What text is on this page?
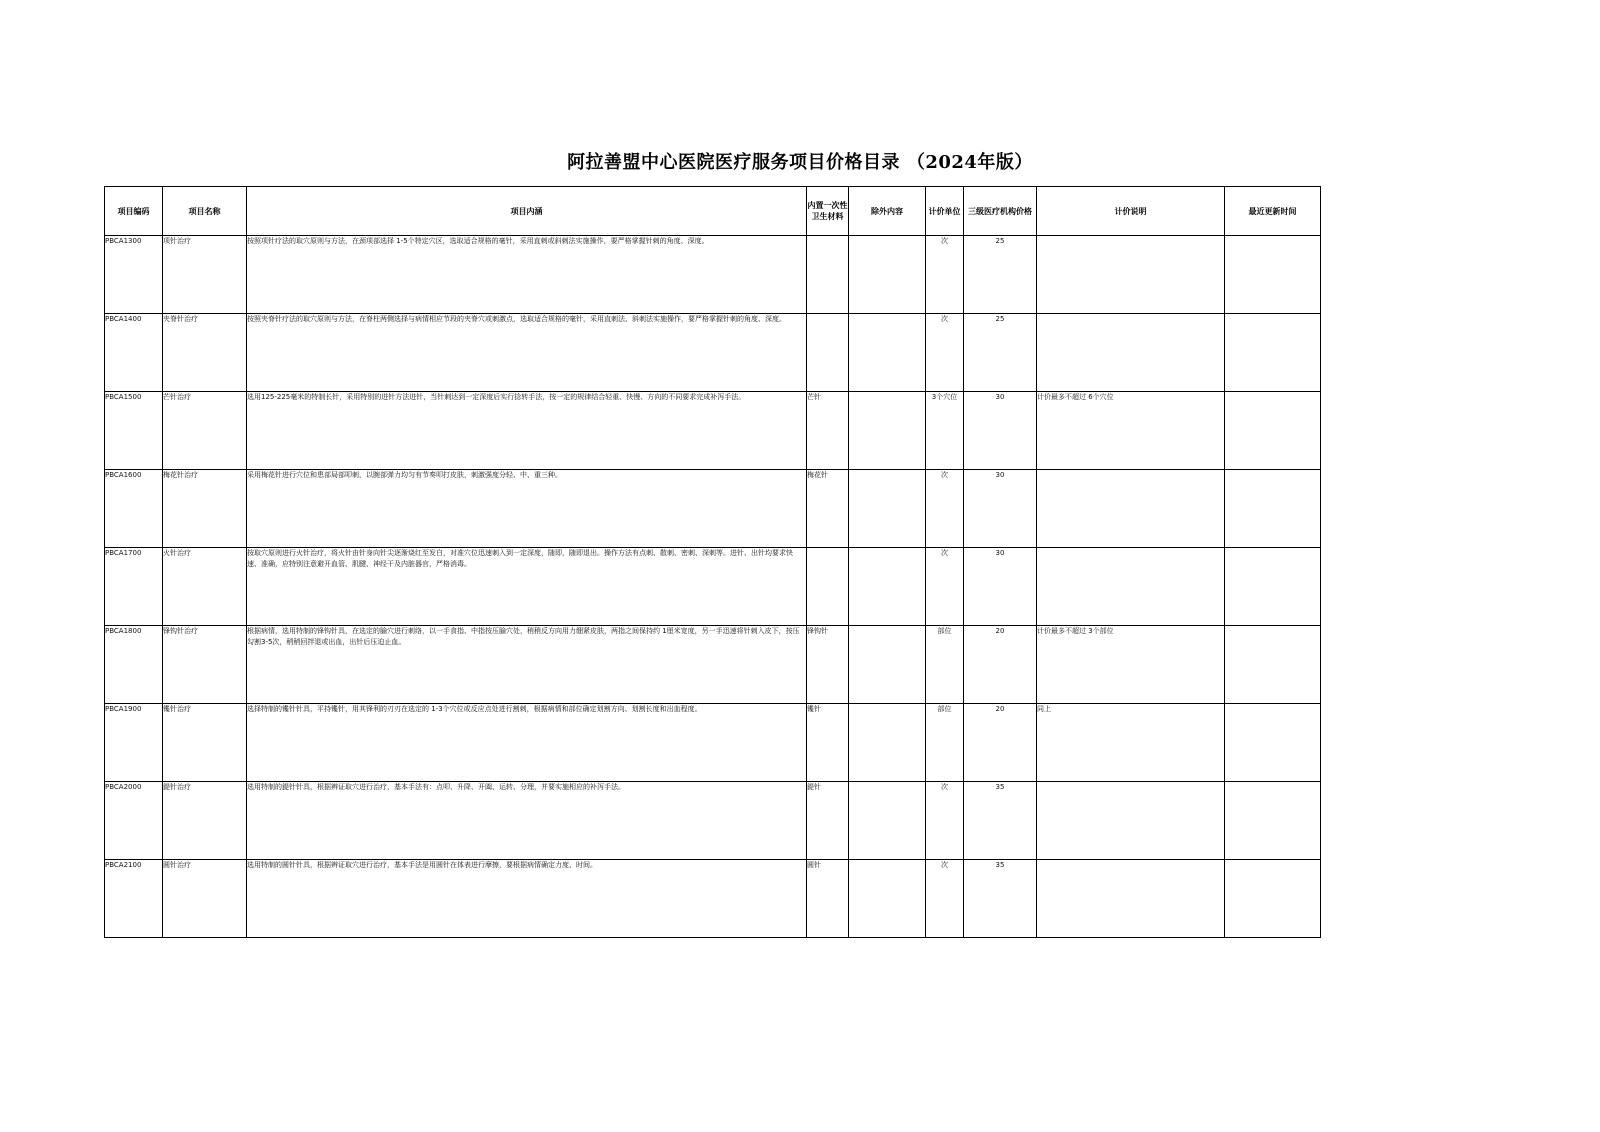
阿拉善盟中心医院医疗服务项目价格目录 （2024年版）
项目编码	项目名称	项目内涵	内置一次性卫生材料	除外内容	计价单位	三级医疗机构价格	计价说明	最近更新时间
PBCA1300	项针治疗	按照项针疗法的取穴原则与方法，在颈项部选择 1-5个特定穴区，选取适合规格的毫针，采用直刺或斜刺法实施操作，要严格掌握针刺的角度、深度。			次	25		
PBCA1400	夹脊针治疗	按照夹脊针疗法的取穴原则与方法，在脊柱两侧选择与病情相应节段的夹脊穴或刺激点，选取适合规格的毫针，采用直刺法、斜刺法实施操作，要严格掌握针刺的角度、深度。			次	25		
PBCA1500	芒针治疗	选用125-225毫米的特制长针，采用特别的进针方法进针，当针刺达到一定深度后实行捻转手法，按一定的规律结合轻重、快慢、方向的不同要求完成补泻手法。	芒针		3个穴位	30	计价最多不超过 6个穴位	
PBCA1600	梅花针治疗	采用梅花针进行穴位和患部局部叩刺，以腕部弹力均匀有节奏叩打皮肤，刺激强度分轻、中、重三种。	梅花针		次	30		
PBCA1700	火针治疗	按取穴原则进行火针治疗，将火针由针身向针尖逐渐烧红至发白，对准穴位迅速刺入到一定深度，随即，随即退出。操作方法有点刺、散刺、密刺、深刺等。进针、出针均要求快速、准确，应特别注意避开血管、肌腱、神经干及内脏器官，严格消毒。			次	30		
PBCA1800	锋钩针治疗	根据病情，选用特制的锋钩针具，在选定的腧穴进行刺络，以一手食指、中指按压腧穴处，稍稍反方向用力绷紧皮肤，两指之间保持约 1厘米宽度，另一手迅速将针刺入皮下，按压勾割3-5次，稍稍回拌退或出血，出针后压迫止血。	锋钩针		部位	20	计价最多不超过 3个部位	
PBCA1900	镵针治疗	选择特制的镵针针具，平持镵针，用其锋利的刃刃在选定的 1-3个穴位或反应点处进行割刺，根据病情和部位确定划割方向、划割长度和出血程度。	镵针		部位	20	同上	
PBCA2000	鍉针治疗	选用特制的鍉针针具，根据辨证取穴进行治疗，基本手法有：点叩、升降、开阖、运转、分理，并要实施相应的补泻手法。	鍉针		次	35		
PBCA2100	圆针治疗	选用特制的圆针针具，根据辨证取穴进行治疗，基本手法是用圆针在体表进行摩擦，要根据病情确定力度、时间。	圆针		次	35		
